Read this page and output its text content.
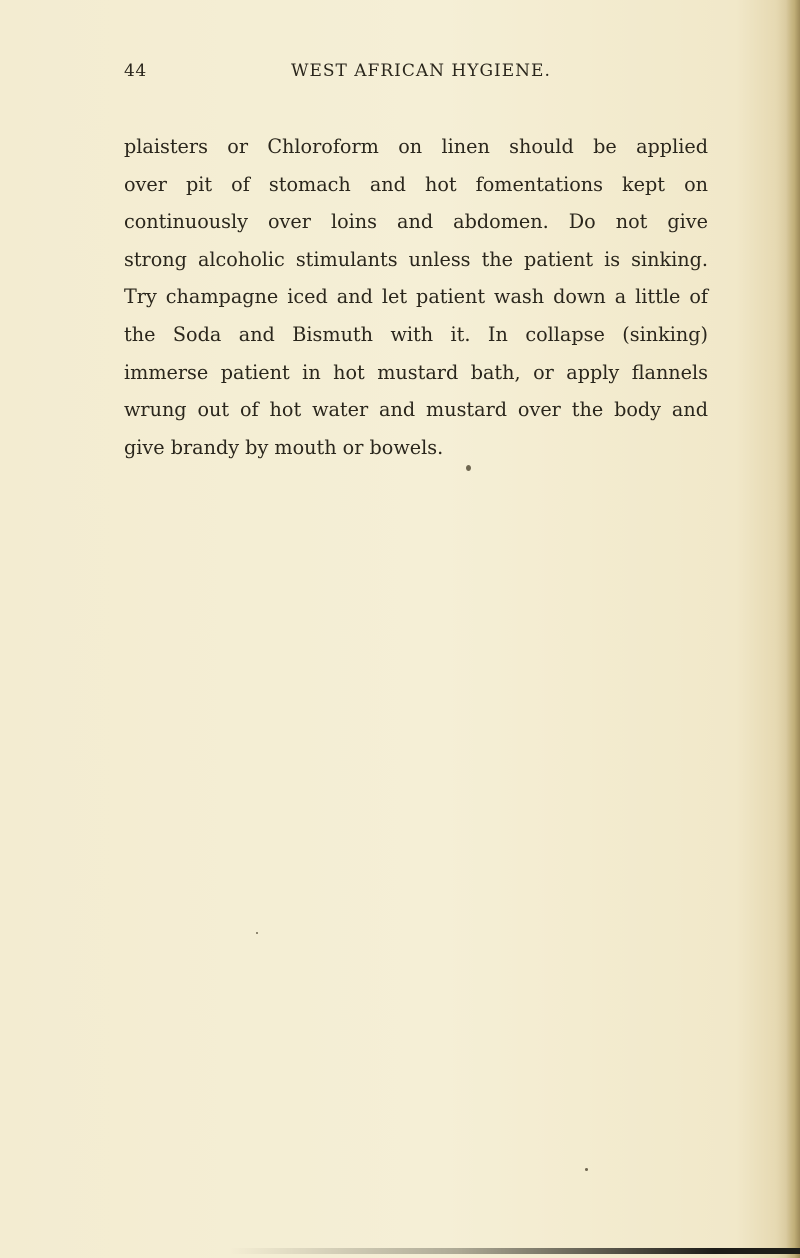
44	WEST AFRICAN HYGIENE.
plaisters or Chloroform on linen should be applied
over pit of stomach and hot fomentations kept on
continuously over loins and abdomen. Do not give
strong alcoholic stimulants unless the patient is sinking.
Try champagne iced and let patient wash down a little of
the Soda and Bismuth with it. In collapse (sinking)
immerse patient in hot mustard bath, or apply flannels
wrung out of hot water and mustard over the body and
give brandy by mouth or bowels.
